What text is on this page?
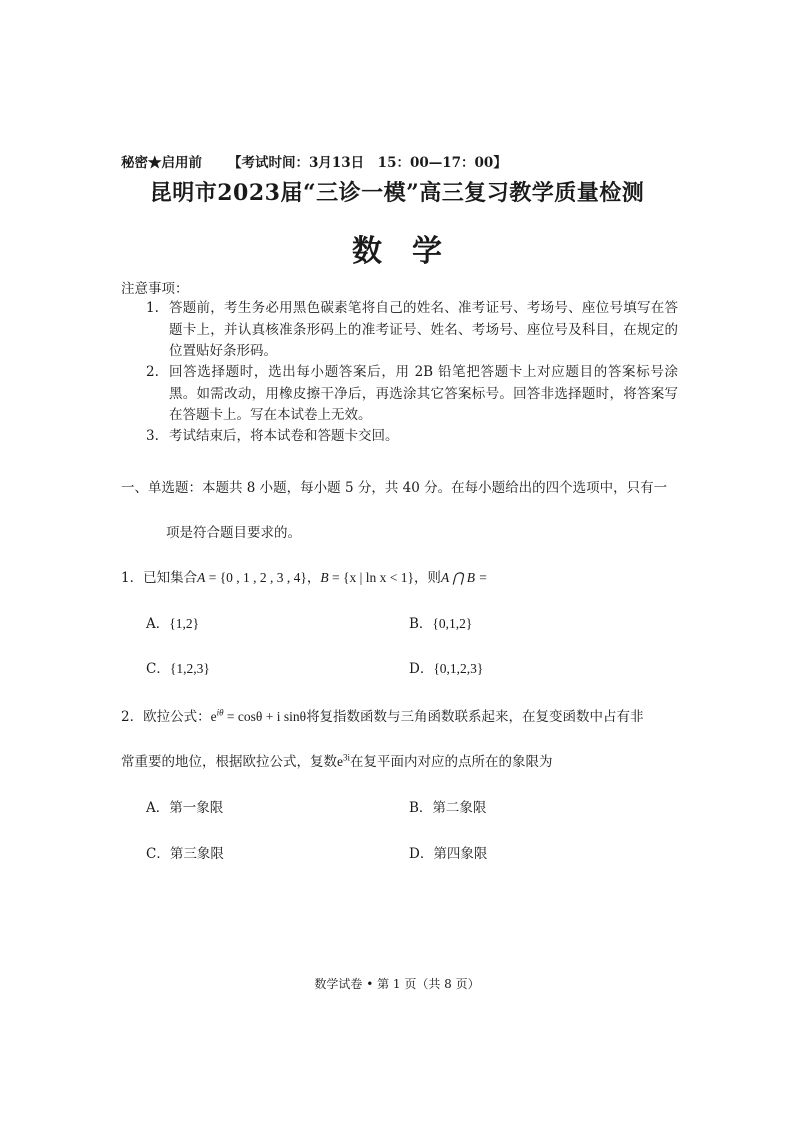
秘密★启用前 【考试时间：3月13日　15：00—17：00】
昆明市2023届“三诊一模”高三复习教学质量检测
数学
注意事项：
1. 答题前，考生务必用黑色碳素笔将自己的姓名、准考证号、考场号、座位号填写在答题卡上，并认真核准条形码上的准考证号、姓名、考场号、座位号及科目，在规定的位置贴好条形码。
2. 回答选择题时，选出每小题答案后，用 2B 铅笔把答题卡上对应题目的答案标号涂黑。如需改动，用橡皮擦干净后，再选涂其它答案标号。回答非选择题时，将答案写在答题卡上。写在本试卷上无效。
3. 考试结束后，将本试卷和答题卡交回。
一、单选题：本题共 8 小题，每小题 5 分，共 40 分。在每小题给出的四个选项中，只有一
项是符合题目要求的。
1．已知集合A = {0 , 1 , 2 , 3 , 4}，B = {x | ln x < 1}，则A ⋂ B =
A．{1,2}	B．{0,1,2}
C．{1,2,3}	D．{0,1,2,3}
2．欧拉公式：$e^{i\theta} = \cos\theta + i$ sinθ将复指数函数与三角函数联系起来，在复变函数中占有非
常重要的地位，根据欧拉公式，复数$e^{3i}$在复平面内对应的点所在的象限为
A．第一象限	B．第二象限
C．第三象限	D．第四象限
数学试卷 • 第 1 页（共 8 页）
